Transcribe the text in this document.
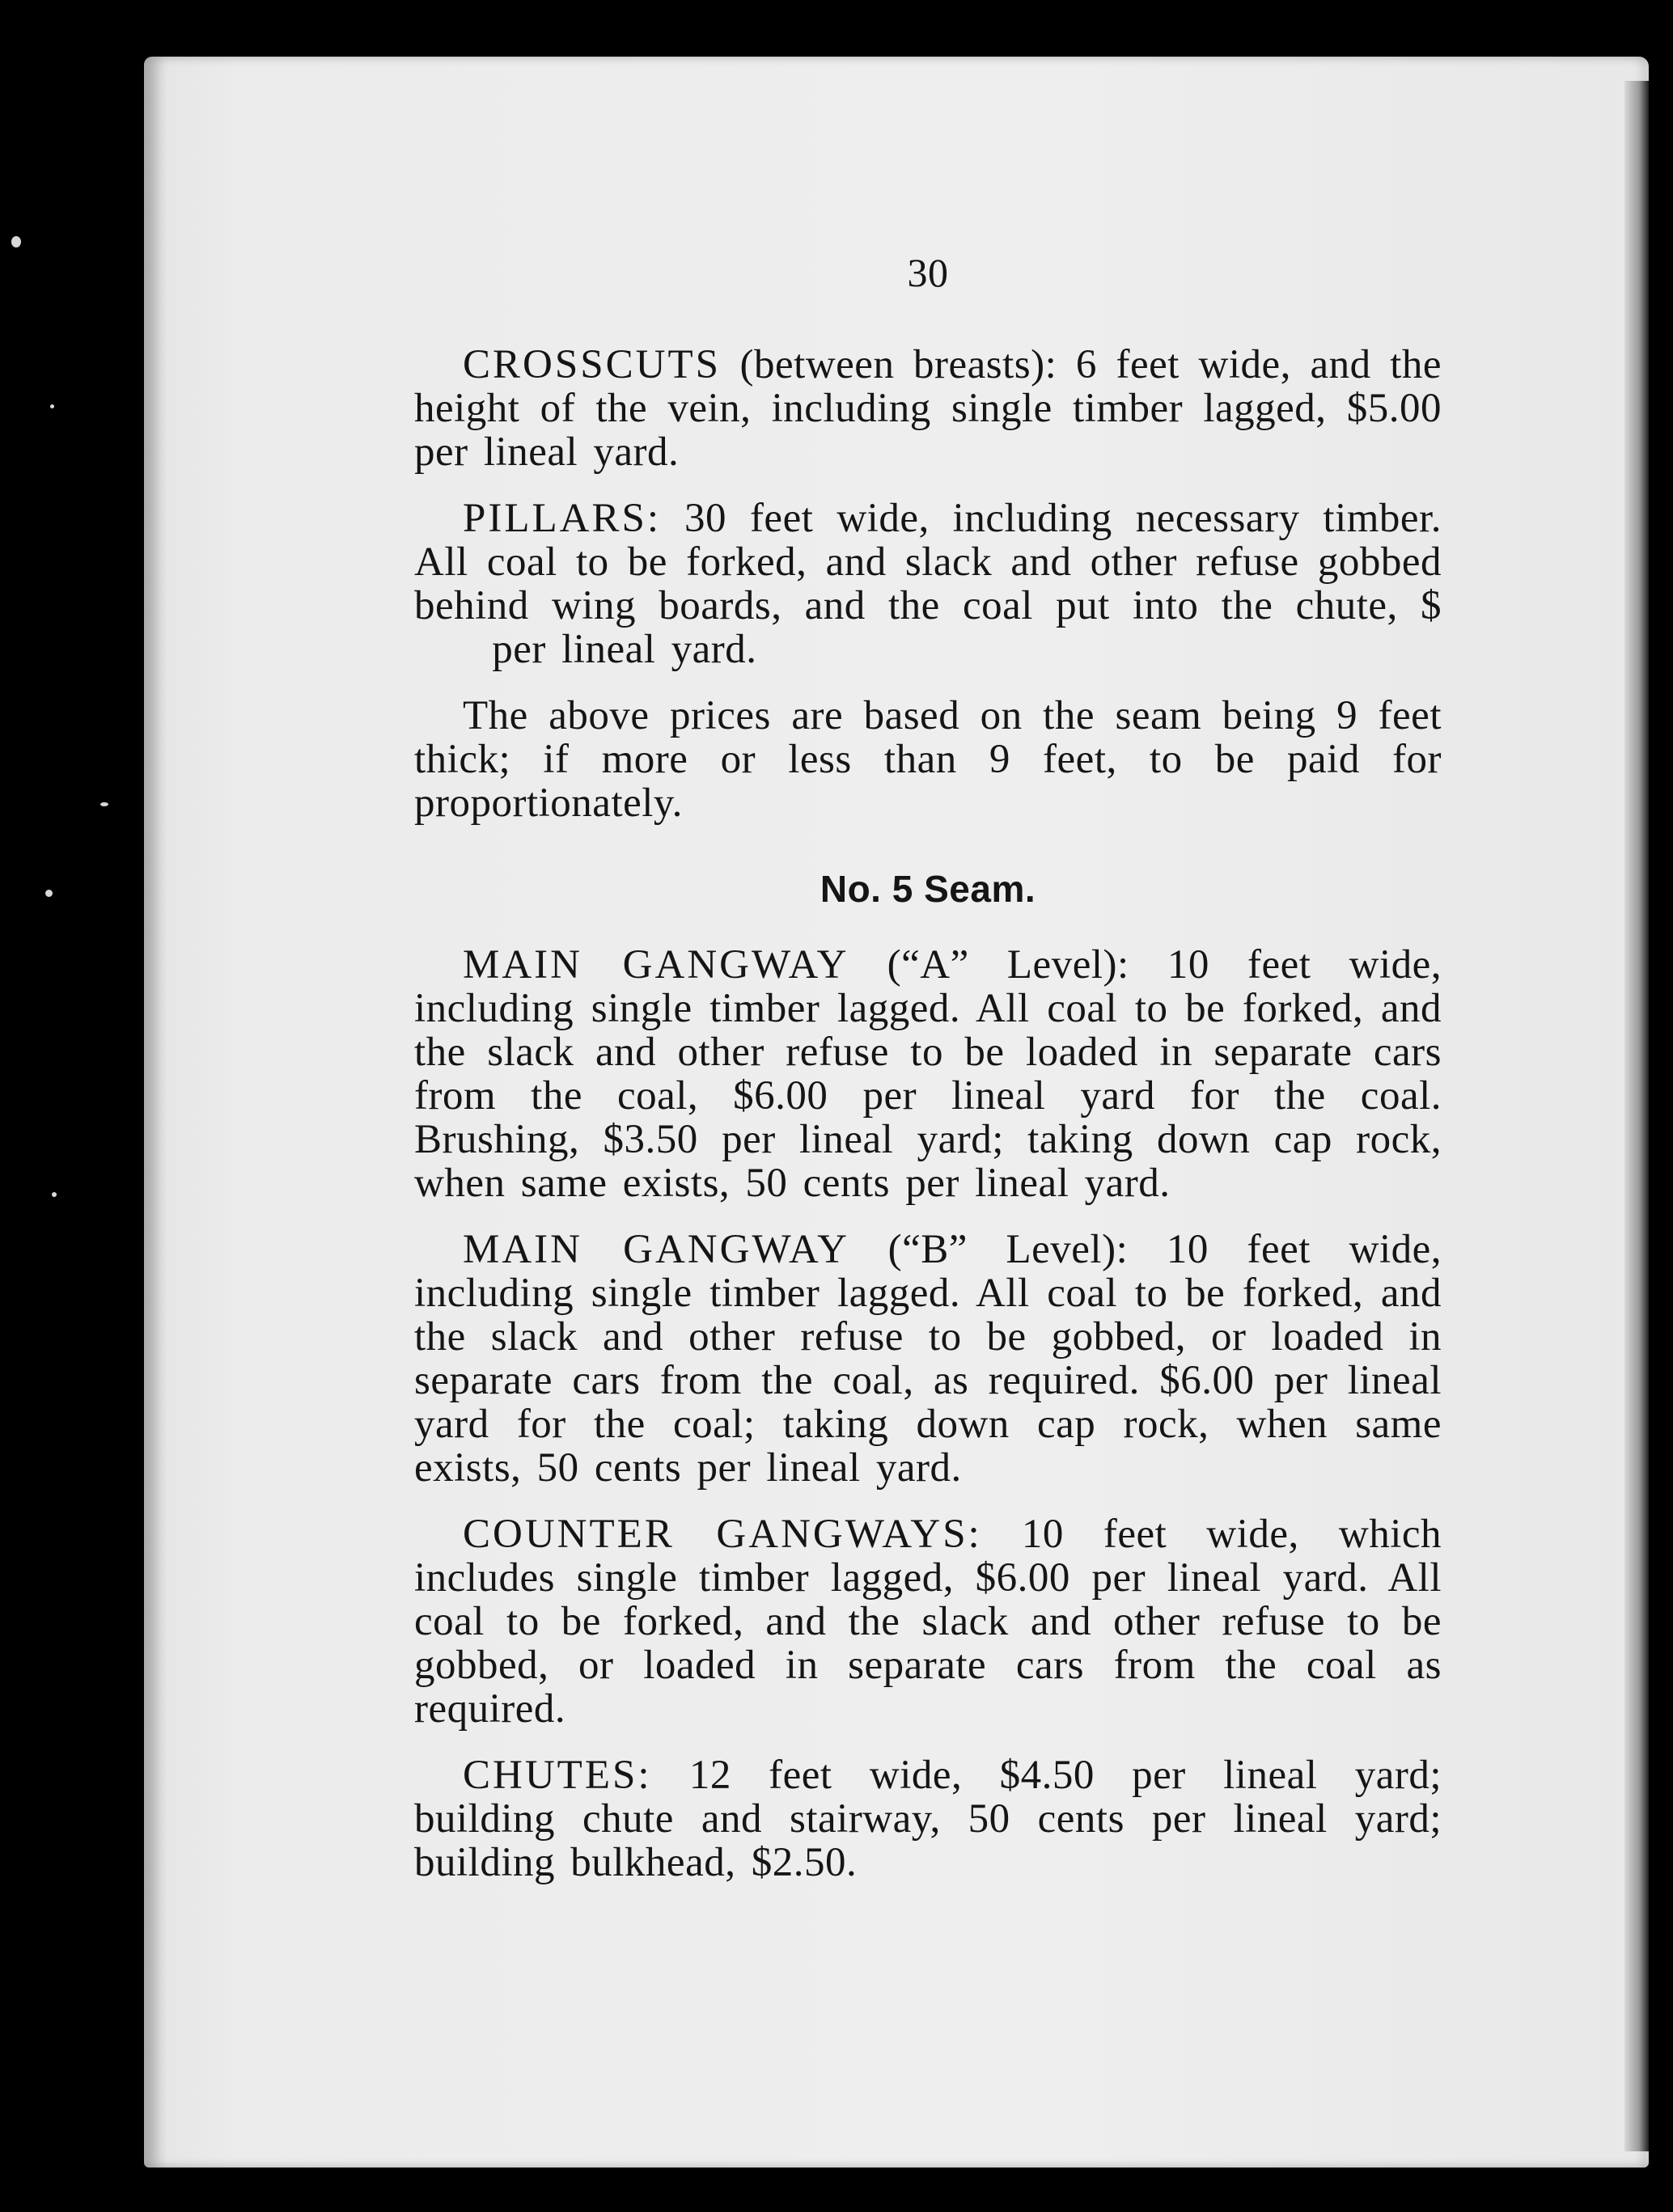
30

CROSSCUTS (between breasts): 6 feet wide, and the height of the vein, including single timber lagged, $5.00 per lineal yard.

PILLARS: 30 feet wide, including necessary timber. All coal to be forked, and slack and other refuse gobbed behind wing boards, and the coal put into the chute, $      per lineal yard.

The above prices are based on the seam being 9 feet thick; if more or less than 9 feet, to be paid for proportionately.

No. 5 Seam.

MAIN GANGWAY (“A” Level): 10 feet wide, including single timber lagged. All coal to be forked, and the slack and other refuse to be loaded in separate cars from the coal, $6.00 per lineal yard for the coal. Brushing, $3.50 per lineal yard; taking down cap rock, when same exists, 50 cents per lineal yard.

MAIN GANGWAY (“B” Level): 10 feet wide, including single timber lagged. All coal to be forked, and the slack and other refuse to be gobbed, or loaded in separate cars from the coal, as required. $6.00 per lineal yard for the coal; taking down cap rock, when same exists, 50 cents per lineal yard.

COUNTER GANGWAYS: 10 feet wide, which includes single timber lagged, $6.00 per lineal yard. All coal to be forked, and the slack and other refuse to be gobbed, or loaded in separate cars from the coal as required.

CHUTES: 12 feet wide, $4.50 per lineal yard; building chute and stairway, 50 cents per lineal yard; building bulkhead, $2.50.
